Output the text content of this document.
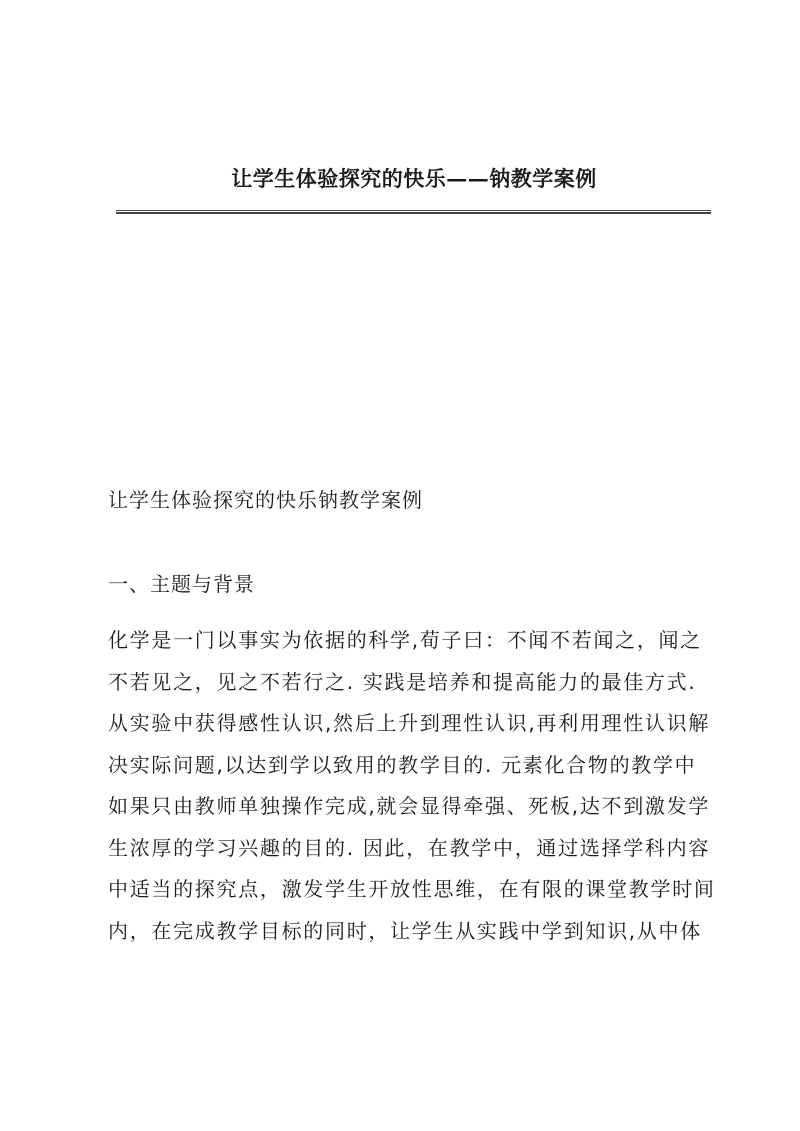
让学生体验探究的快乐——钠教学案例
让学生体验探究的快乐钠教学案例
一、主题与背景
化学是一门以事实为依据的科学,荀子曰：不闻不若闻之，闻之
不若见之，见之不若行之. 实践是培养和提高能力的最佳方式.
从实验中获得感性认识,然后上升到理性认识,再利用理性认识解
决实际问题,以达到学以致用的教学目的. 元素化合物的教学中
如果只由教师单独操作完成,就会显得牵强、死板,达不到激发学
生浓厚的学习兴趣的目的. 因此，在教学中，通过选择学科内容
中适当的探究点，激发学生开放性思维，在有限的课堂教学时间
内，在完成教学目标的同时，让学生从实践中学到知识,从中体
